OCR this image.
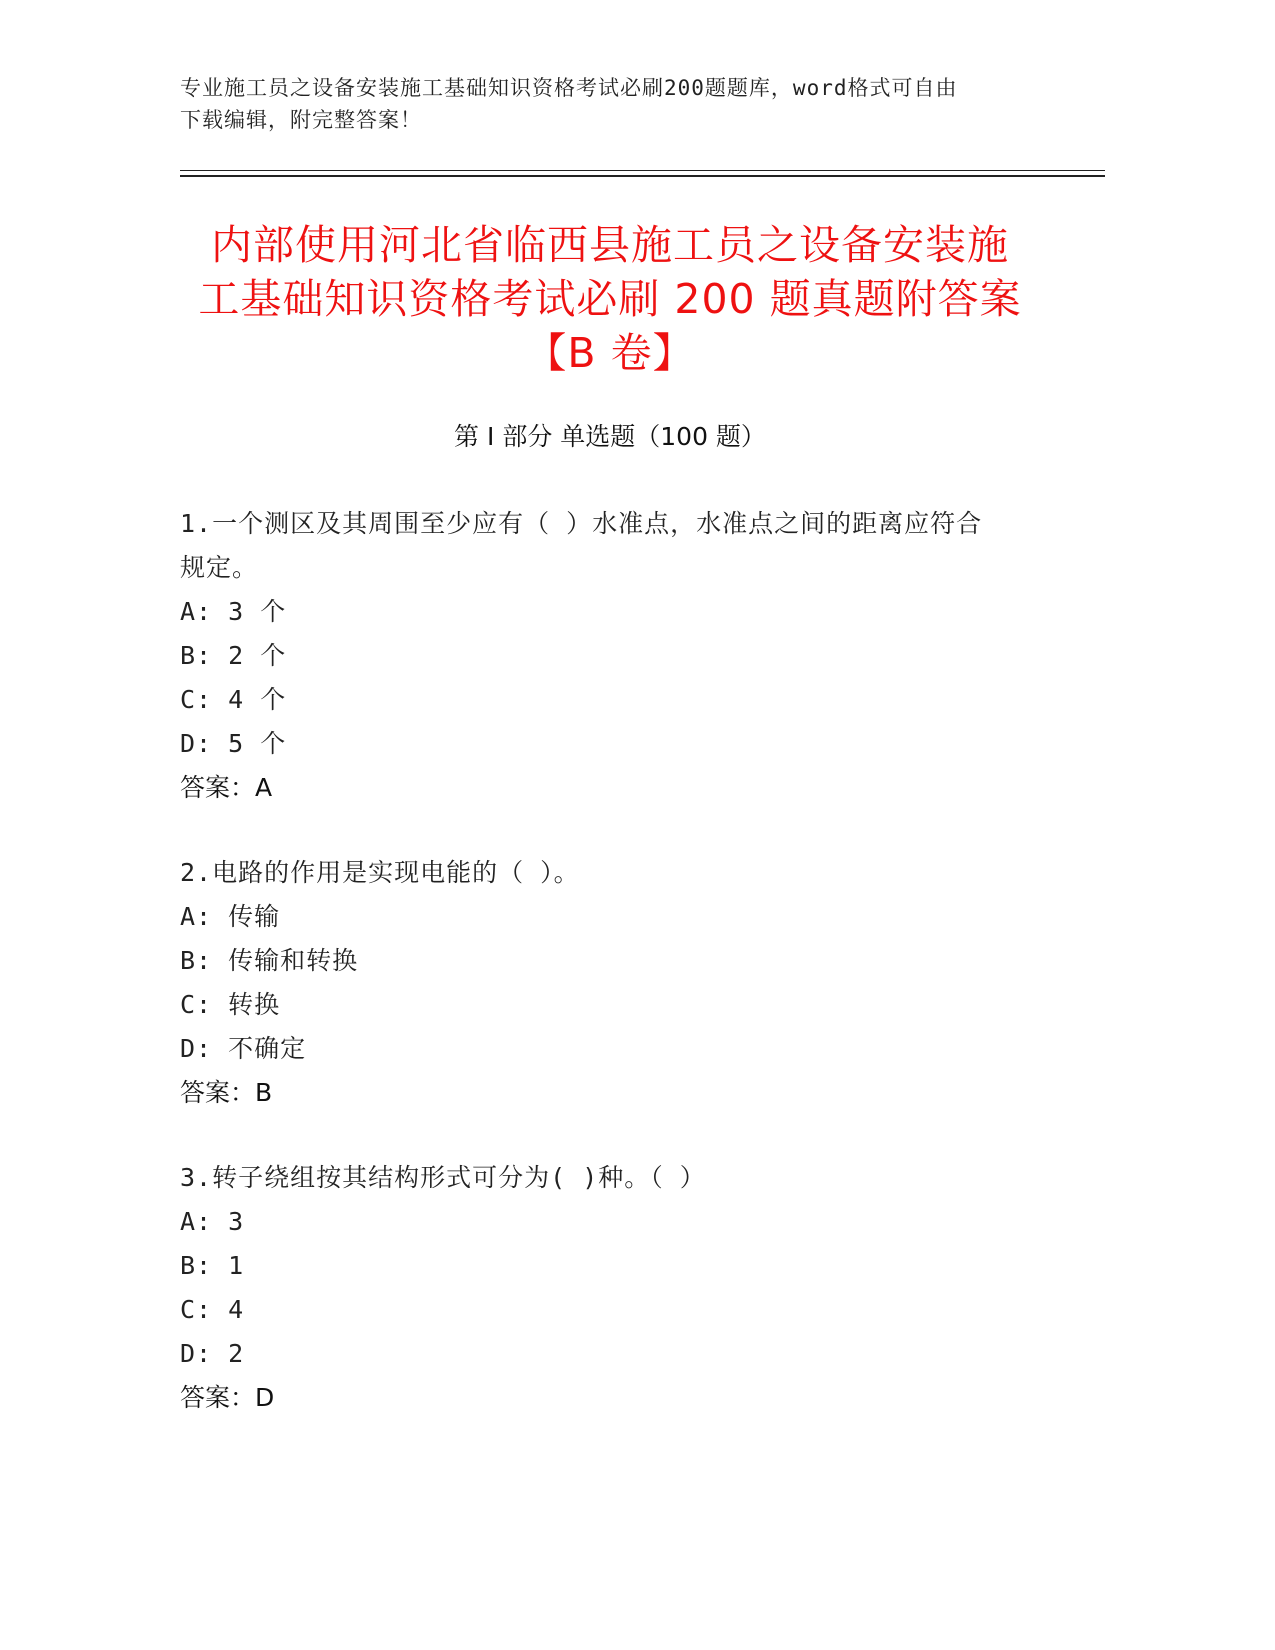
专业施工员之设备安装施工基础知识资格考试必刷200题题库，word格式可自由
下载编辑，附完整答案！
内部使用河北省临西县施工员之设备安装施
工基础知识资格考试必刷 200 题真题附答案
【B 卷】
第 I 部分 单选题（100 题）
1.一个测区及其周围至少应有（ ）水准点，水准点之间的距离应符合
规定。
A: 3 个
B: 2 个
C: 4 个
D: 5 个
答案：A
2.电路的作用是实现电能的（ ）。
A: 传输
B: 传输和转换
C: 转换
D: 不确定
答案：B
3.转子绕组按其结构形式可分为( )种。（ ）
A: 3
B: 1
C: 4
D: 2
答案：D
